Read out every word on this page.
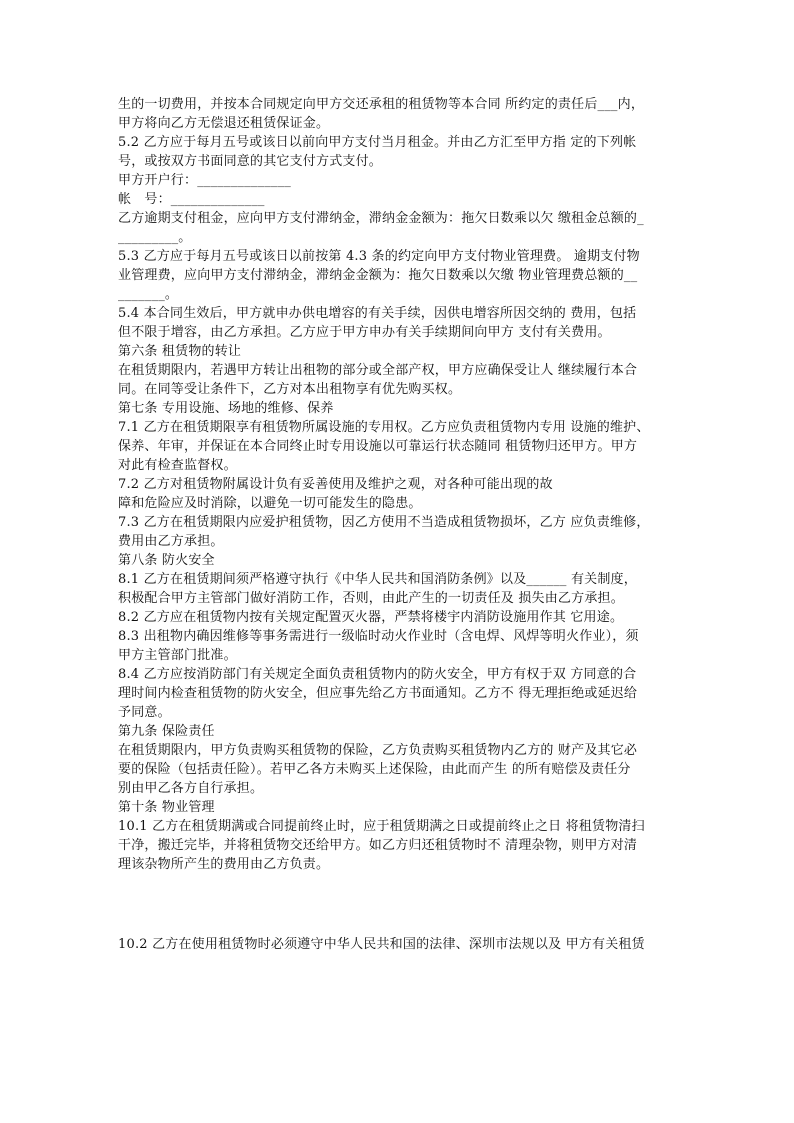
生的一切费用，并按本合同规定向甲方交还承租的租赁物等本合同 所约定的责任后___内，
甲方将向乙方无偿退还租赁保证金。
5.2 乙方应于每月五号或该日以前向甲方支付当月租金。并由乙方汇至甲方指 定的下列帐
号，或按双方书面同意的其它支付方式支付。
甲方开户行：______________
帐　号：______________
乙方逾期支付租金，应向甲方支付滞纳金，滞纳金金额为：拖欠日数乘以欠 缴租金总额的_
_________。
5.3 乙方应于每月五号或该日以前按第 4.3 条的约定向甲方支付物业管理费。 逾期支付物
业管理费，应向甲方支付滞纳金，滞纳金金额为：拖欠日数乘以欠缴 物业管理费总额的__
_______。
5.4 本合同生效后，甲方就申办供电增容的有关手续，因供电增容所因交纳的 费用，包括
但不限于增容，由乙方承担。乙方应于甲方申办有关手续期间向甲方 支付有关费用。
第六条 租赁物的转让
在租赁期限内，若遇甲方转让出租物的部分或全部产权，甲方应确保受让人 继续履行本合
同。在同等受让条件下，乙方对本出租物享有优先购买权。
第七条 专用设施、场地的维修、保养
7.1 乙方在租赁期限享有租赁物所属设施的专用权。乙方应负责租赁物内专用 设施的维护、
保养、年审，并保证在本合同终止时专用设施以可靠运行状态随同 租赁物归还甲方。甲方
对此有检查监督权。
7.2 乙方对租赁物附属设计负有妥善使用及维护之观，对各种可能出现的故
障和危险应及时消除，以避免一切可能发生的隐患。
7.3 乙方在租赁期限内应爱护租赁物，因乙方使用不当造成租赁物损坏，乙方 应负责维修，
费用由乙方承担。
第八条 防火安全
8.1 乙方在租赁期间须严格遵守执行《中华人民共和国消防条例》以及______ 有关制度，
积极配合甲方主管部门做好消防工作，否则，由此产生的一切责任及 损失由乙方承担。
8.2 乙方应在租赁物内按有关规定配置灭火器，严禁将楼宇内消防设施用作其 它用途。
8.3 出租物内确因维修等事务需进行一级临时动火作业时（含电焊、风焊等明火作业），须
甲方主管部门批准。
8.4 乙方应按消防部门有关规定全面负责租赁物内的防火安全，甲方有权于双 方同意的合
理时间内检查租赁物的防火安全，但应事先给乙方书面通知。乙方不 得无理拒绝或延迟给
予同意。
第九条 保险责任
在租赁期限内，甲方负责购买租赁物的保险，乙方负责购买租赁物内乙方的 财产及其它必
要的保险（包括责任险）。若甲乙各方未购买上述保险，由此而产生 的所有赔偿及责任分
别由甲乙各方自行承担。
第十条 物业管理
10.1 乙方在租赁期满或合同提前终止时，应于租赁期满之日或提前终止之日 将租赁物清扫
干净，搬迁完毕，并将租赁物交还给甲方。如乙方归还租赁物时不 清理杂物，则甲方对清
理该杂物所产生的费用由乙方负责。
10.2 乙方在使用租赁物时必须遵守中华人民共和国的法律、深圳市法规以及 甲方有关租赁
